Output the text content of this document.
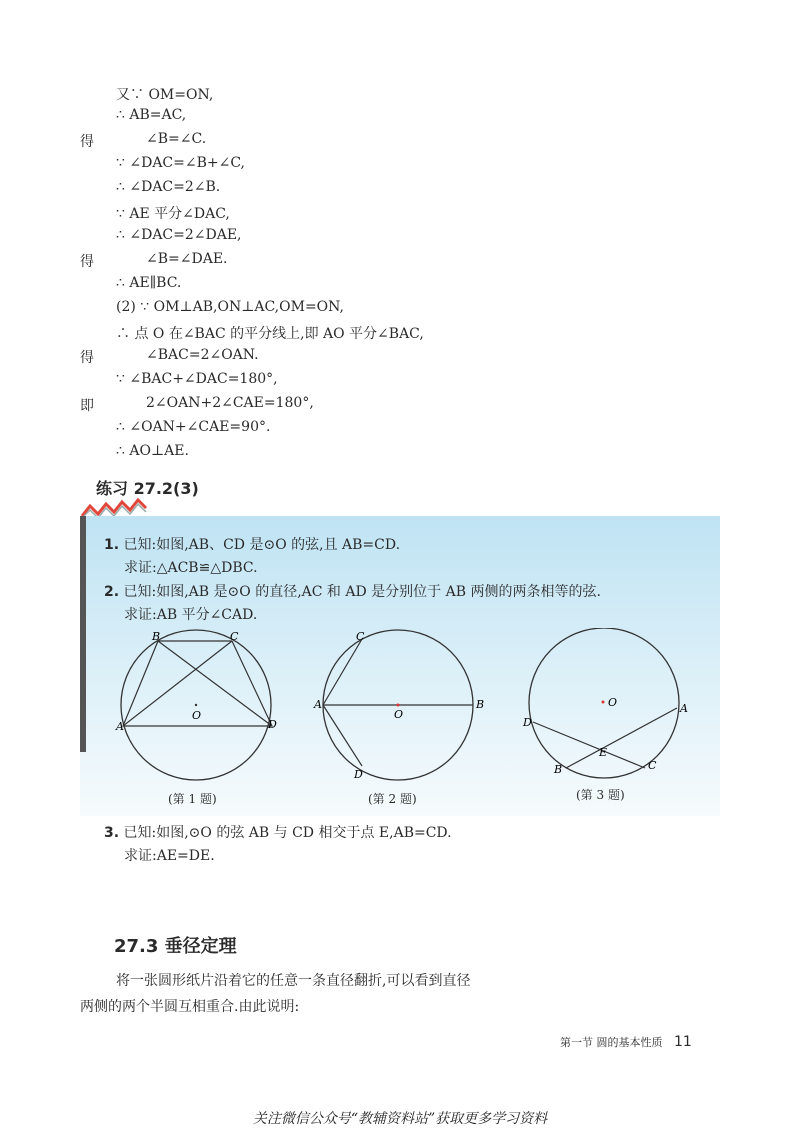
又∵ OM=ON,
∴ AB=AC,
得	∠B=∠C.
∵ ∠DAC=∠B+∠C,
∴ ∠DAC=2∠B.
∵ AE 平分∠DAC,
∴ ∠DAC=2∠DAE,
得	∠B=∠DAE.
∴ AE∥BC.
(2) ∵ OM⊥AB,ON⊥AC,OM=ON,
∴ 点 O 在∠BAC 的平分线上,即 AO 平分∠BAC,
得	∠BAC=2∠OAN.
∵ ∠BAC+∠DAC=180°,
即	2∠OAN+2∠CAE=180°,
∴ ∠OAN+∠CAE=90°.
∴ AO⊥AE.
练习 27.2(3)
1. 已知:如图,AB、CD 是⊙O 的弦,且 AB=CD.
求证:△ACB≌△DBC.
2. 已知:如图,AB 是⊙O 的直径,AC 和 AD 是分别位于 AB 两侧的两条相等的弦.
求证:AB 平分∠CAD.
B	C
A	D
O
C
A	B
D
O
O
D
A
E
B	C
(第 1 题)	(第 2 题)	(第 3 题)
3. 已知:如图,⊙O 的弦 AB 与 CD 相交于点 E,AB=CD.
求证:AE=DE.
27.3 垂径定理
将一张圆形纸片沿着它的任意一条直径翻折,可以看到直径
两侧的两个半圆互相重合.由此说明:
第一节 圆的基本性质 11
关注微信公众号“教辅资料站”获取更多学习资料
